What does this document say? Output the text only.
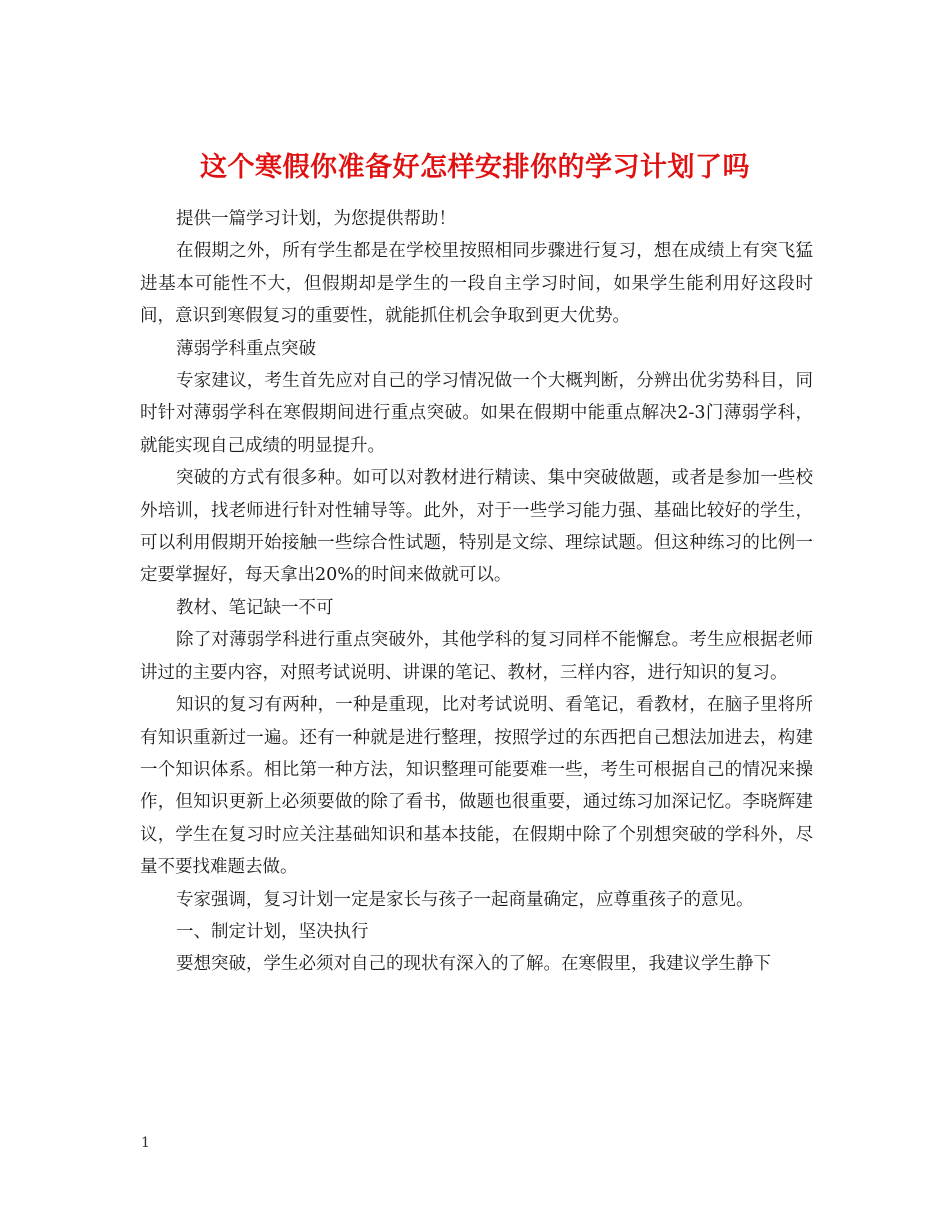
这个寒假你准备好怎样安排你的学习计划了吗

提供一篇学习计划，为您提供帮助！

在假期之外，所有学生都是在学校里按照相同步骤进行复习，想在成绩上有突飞猛进基本可能性不大，但假期却是学生的一段自主学习时间，如果学生能利用好这段时间，意识到寒假复习的重要性，就能抓住机会争取到更大优势。

薄弱学科重点突破

专家建议，考生首先应对自己的学习情况做一个大概判断，分辨出优劣势科目，同时针对薄弱学科在寒假期间进行重点突破。如果在假期中能重点解决2-3门薄弱学科，就能实现自己成绩的明显提升。

突破的方式有很多种。如可以对教材进行精读、集中突破做题，或者是参加一些校外培训，找老师进行针对性辅导等。此外，对于一些学习能力强、基础比较好的学生，可以利用假期开始接触一些综合性试题，特别是文综、理综试题。但这种练习的比例一定要掌握好，每天拿出20%的时间来做就可以。

教材、笔记缺一不可

除了对薄弱学科进行重点突破外，其他学科的复习同样不能懈怠。考生应根据老师讲过的主要内容，对照考试说明、讲课的笔记、教材，三样内容，进行知识的复习。

知识的复习有两种，一种是重现，比对考试说明、看笔记，看教材，在脑子里将所有知识重新过一遍。还有一种就是进行整理，按照学过的东西把自己想法加进去，构建一个知识体系。相比第一种方法，知识整理可能要难一些，考生可根据自己的情况来操作，但知识更新上必须要做的除了看书，做题也很重要，通过练习加深记忆。李晓辉建议，学生在复习时应关注基础知识和基本技能，在假期中除了个别想突破的学科外，尽量不要找难题去做。

专家强调，复习计划一定是家长与孩子一起商量确定，应尊重孩子的意见。

一、制定计划，坚决执行

要想突破，学生必须对自己的现状有深入的了解。在寒假里，我建议学生静下

1
